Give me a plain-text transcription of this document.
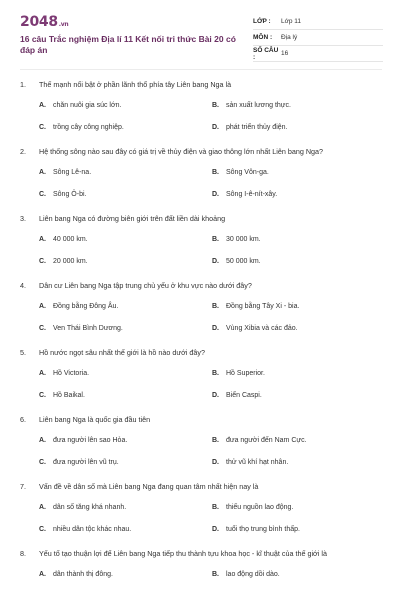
2048.vn
16 câu Trắc nghiệm Địa lí 11 Kết nối tri thức Bài 20 có đáp án
LỚP :	Lớp 11
MÔN :	Địa lý
SỐ CÂU :	16
1. Thế mạnh nổi bật ở phần lãnh thổ phía tây Liên bang Nga là
A. chăn nuôi gia súc lớn.	B. sản xuất lương thực.
C. trồng cây công nghiệp.	D. phát triển thủy điện.
2. Hệ thống sông nào sau đây có giá trị về thủy điện và giao thông lớn nhất Liên bang Nga?
A. Sông Lê-na.	B. Sông Vôn-ga.
C. Sông Ô-bi.	D. Sông I-ê-nít-xây.
3. Liên bang Nga có đường biên giới trên đất liền dài khoảng
A. 40 000 km.	B. 30 000 km.
C. 20 000 km.	D. 50 000 km.
4. Dân cư Liên bang Nga tập trung chủ yếu ở khu vực nào dưới đây?
A. Đồng bằng Đông Âu.	B. Đồng bằng Tây Xi - bia.
C. Ven Thái Bình Dương.	D. Vùng Xibia và các đảo.
5. Hồ nước ngọt sâu nhất thế giới là hồ nào dưới đây?
A. Hồ Victoria.	B. Hồ Superior.
C. Hồ Baikal.	D. Biển Caspi.
6. Liên bang Nga là quốc gia đầu tiên
A. đưa người lên sao Hỏa.	B. đưa người đến Nam Cực.
C. đưa người lên vũ trụ.	D. thử vũ khí hạt nhân.
7. Vấn đề về dân số mà Liên bang Nga đang quan tâm nhất hiện nay là
A. dân số tăng khá nhanh.	B. thiếu nguồn lao động.
C. nhiều dân tộc khác nhau.	D. tuổi thọ trung bình thấp.
8. Yếu tố tạo thuận lợi để Liên bang Nga tiếp thu thành tựu khoa học - kĩ thuật của thế giới là
A. dân thành thị đông.	B. lao động dồi dào.
